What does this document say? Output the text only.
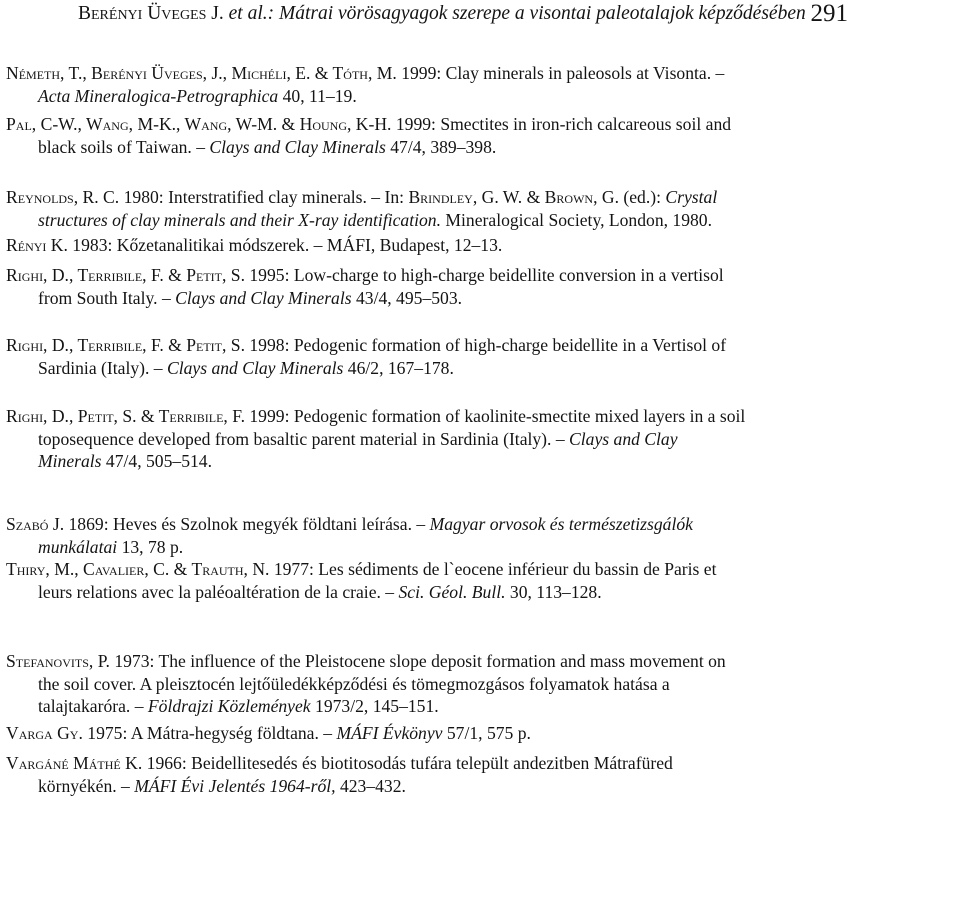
Berényi Üveges J. et al.: Mátrai vörösagyagok szerepe a visontai paleotalajok képződésében 291
Németh, T., Berényi Üveges, J., Michéli, E. & Tóth, M. 1999: Clay minerals in paleosols at Visonta. –
Acta Mineralogica-Petrographica 40, 11–19.
Pal, C-W., Wang, M-K., Wang, W-M. & Houng, K-H. 1999: Smectites in iron-rich calcareous soil and
black soils of Taiwan. – Clays and Clay Minerals 47/4, 389–398.
Reynolds, R. C. 1980: Interstratified clay minerals. – In: Brindley, G. W. & Brown, G. (ed.): Crystal
structures of clay minerals and their X-ray identification. Mineralogical Society, London, 1980.
Rényi K. 1983: Kőzetanalitikai módszerek. – MÁFI, Budapest, 12–13.
Righi, D., Terribile, F. & Petit, S. 1995: Low-charge to high-charge beidellite conversion in a vertisol
from South Italy. – Clays and Clay Minerals 43/4, 495–503.
Righi, D., Terribile, F. & Petit, S. 1998: Pedogenic formation of high-charge beidellite in a Vertisol of
Sardinia (Italy). – Clays and Clay Minerals 46/2, 167–178.
Righi, D., Petit, S. & Terribile, F. 1999: Pedogenic formation of kaolinite-smectite mixed layers in a soil
toposequence developed from basaltic parent material in Sardinia (Italy). – Clays and Clay
Minerals 47/4, 505–514.
Szabó J. 1869: Heves és Szolnok megyék földtani leírása. – Magyar orvosok és természetizsgálók
munkálatai 13, 78 p.
Thiry, M., Cavalier, C. & Trauth, N. 1977: Les sédiments de l`eocene inférieur du bassin de Paris et
leurs relations avec la paléoaltération de la craie. – Sci. Géol. Bull. 30, 113–128.
Stefanovits, P. 1973: The influence of the Pleistocene slope deposit formation and mass movement on
the soil cover. A pleisztocén lejtőüledékképződési és tömegmozgásos folyamatok hatása a
talajtakaróra. – Földrajzi Közlemények 1973/2, 145–151.
Varga Gy. 1975: A Mátra-hegység földtana. – MÁFI Évkönyv 57/1, 575 p.
Vargáné Máthé K. 1966: Beidellitesedés és biotitosodás tufára települt andezitben Mátrafüred
környékén. – MÁFI Évi Jelentés 1964-ről, 423–432.
